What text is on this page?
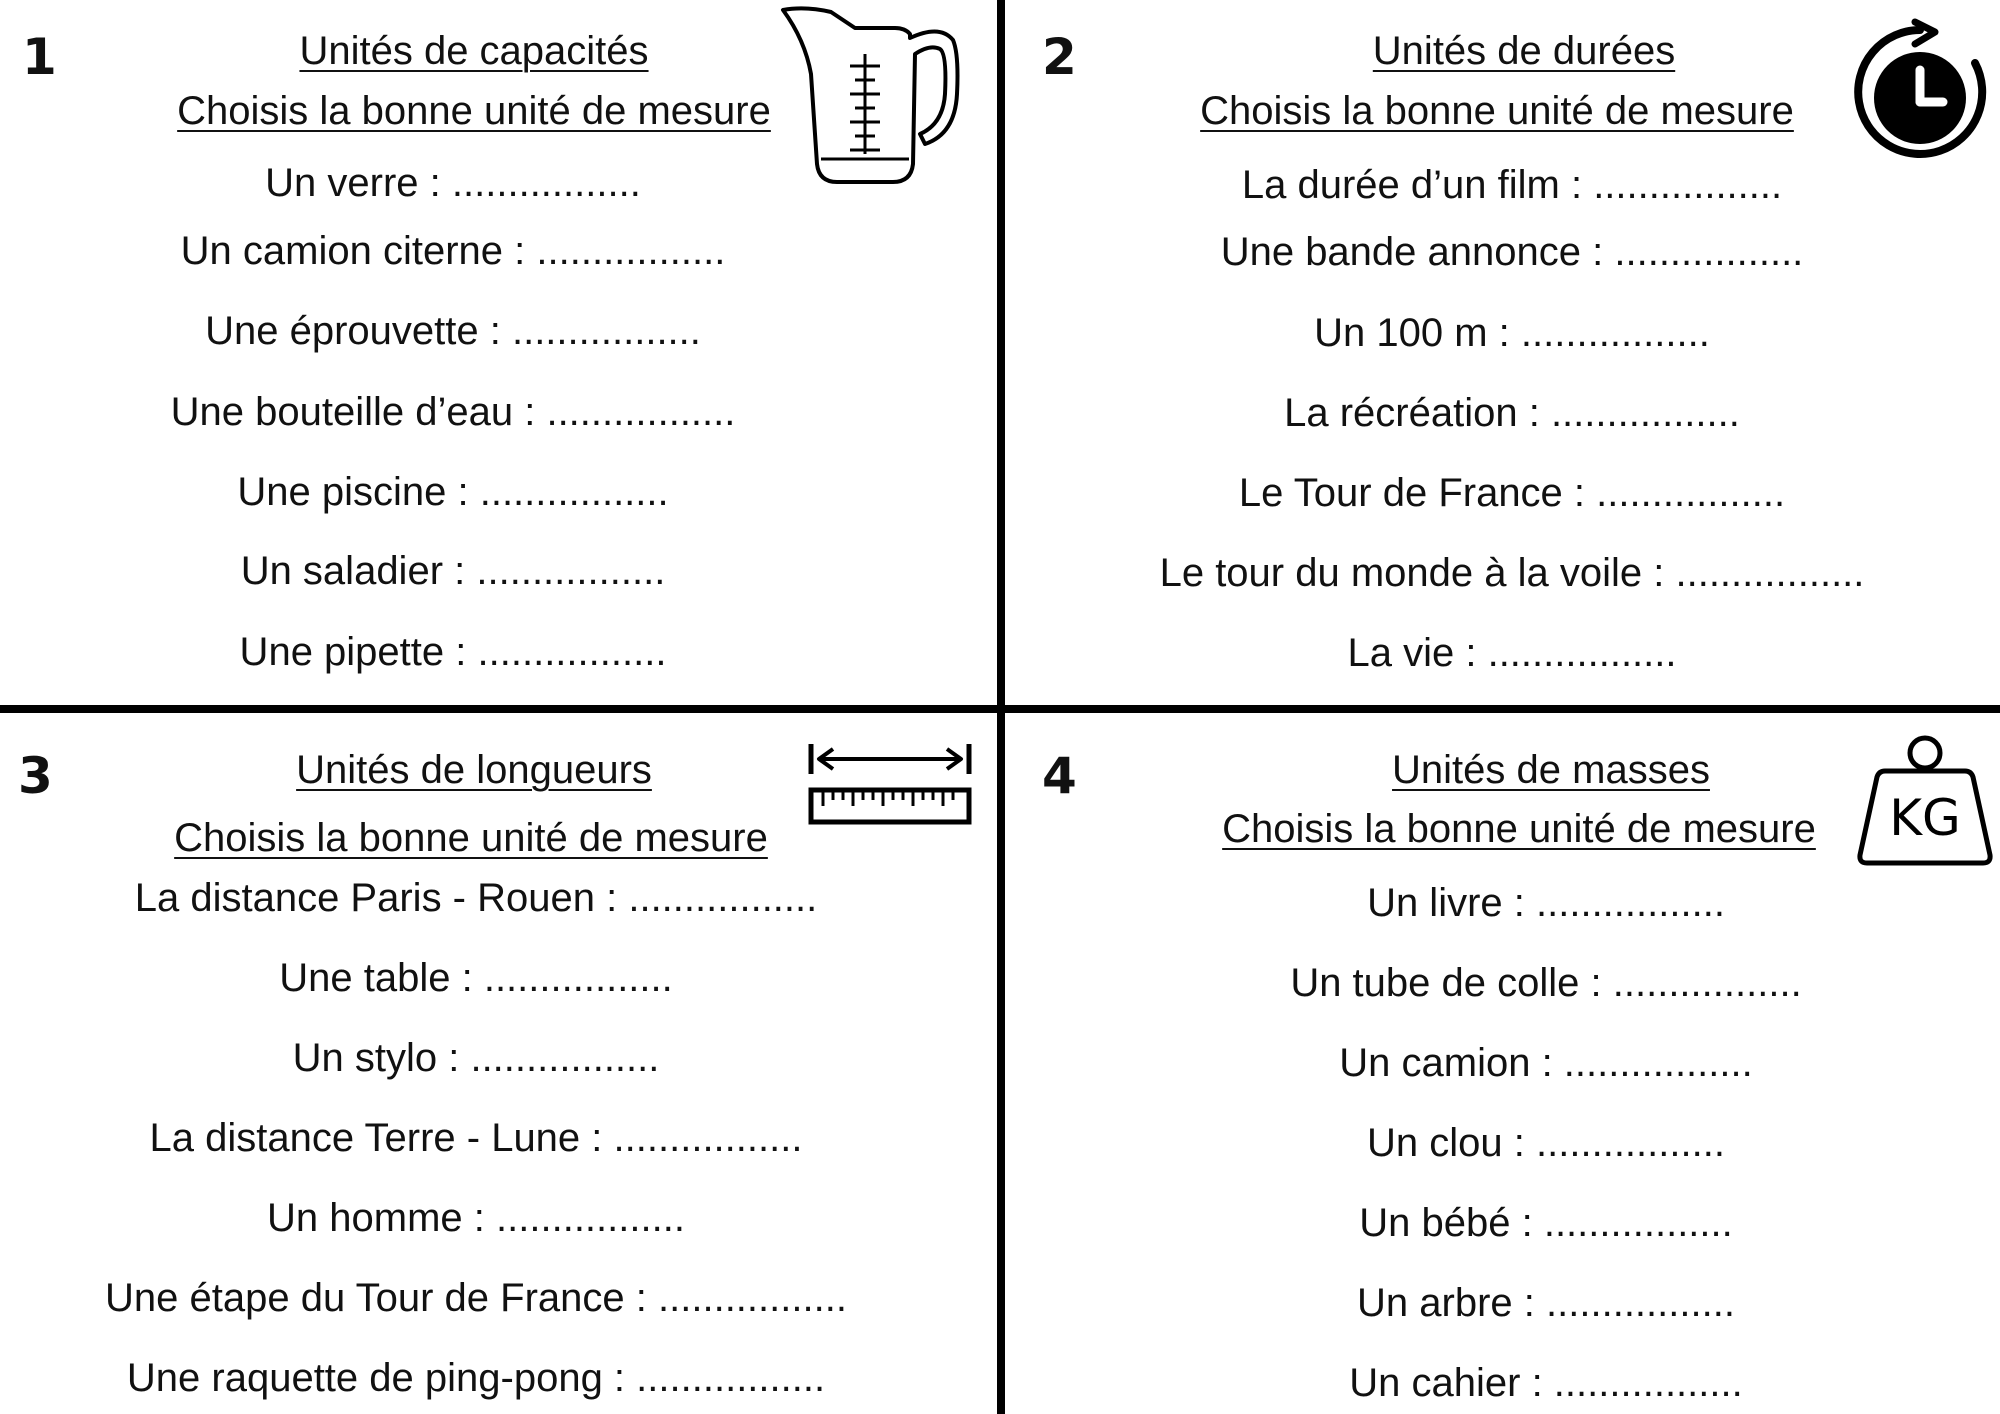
1	Unités de capacités
Choisis la bonne unité de mesure
Un verre : .................
Un camion citerne : .................
Une éprouvette : .................
Une bouteille d’eau : .................
Une piscine : .................
Un saladier : .................
Une pipette : .................
2	Unités de durées
Choisis la bonne unité de mesure
La durée d’un film : .................
Une bande annonce : .................
Un 100 m : .................
La récréation : .................
Le Tour de France : .................
Le tour du monde à la voile : .................
La vie : .................
3	Unités de longueurs
Choisis la bonne unité de mesure
La distance Paris - Rouen : .................
Une table : .................
Un stylo : .................
La distance Terre - Lune : .................
Un homme : .................
Une étape du Tour de France : .................
Une raquette de ping-pong : .................
4	Unités de masses
Choisis la bonne unité de mesure
Un livre : .................
Un tube de colle : .................
Un camion : .................
Un clou : .................
Un bébé : .................
Un arbre : .................
Un cahier : .................
KG
